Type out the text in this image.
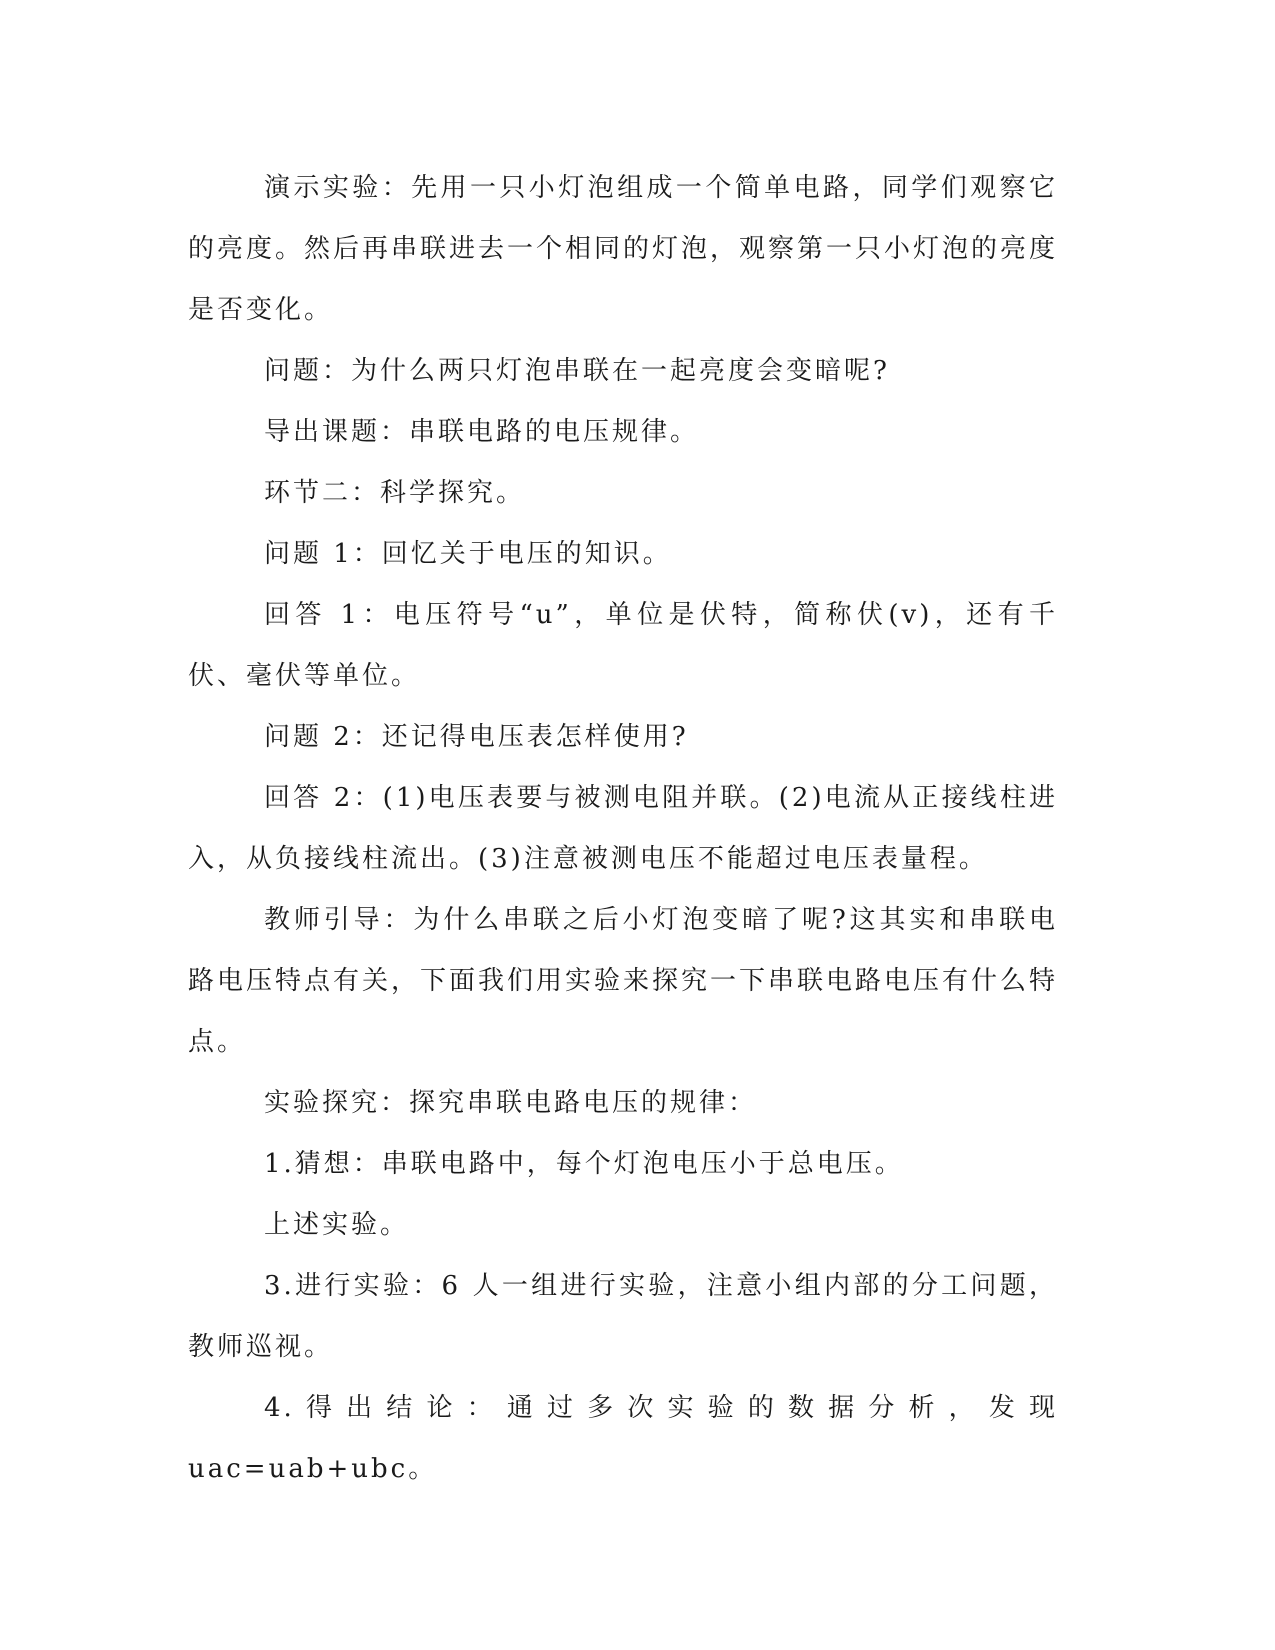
演示实验：先用一只小灯泡组成一个简单电路，同学们观察它的亮度。然后再串联进去一个相同的灯泡，观察第一只小灯泡的亮度是否变化。

问题：为什么两只灯泡串联在一起亮度会变暗呢?

导出课题：串联电路的电压规律。

环节二：科学探究。

问题 1：回忆关于电压的知识。

回答 1：电压符号“u”，单位是伏特，简称伏(v)，还有千伏、毫伏等单位。

问题 2：还记得电压表怎样使用?

回答 2：(1)电压表要与被测电阻并联。(2)电流从正接线柱进入，从负接线柱流出。(3)注意被测电压不能超过电压表量程。

教师引导：为什么串联之后小灯泡变暗了呢?这其实和串联电路电压特点有关，下面我们用实验来探究一下串联电路电压有什么特点。

实验探究：探究串联电路电压的规律：

1.猜想：串联电路中，每个灯泡电压小于总电压。

上述实验。

3.进行实验：6 人一组进行实验，注意小组内部的分工问题，教师巡视。

4.得出结论：通过多次实验的数据分析，发现 uac=uab+ubc。
